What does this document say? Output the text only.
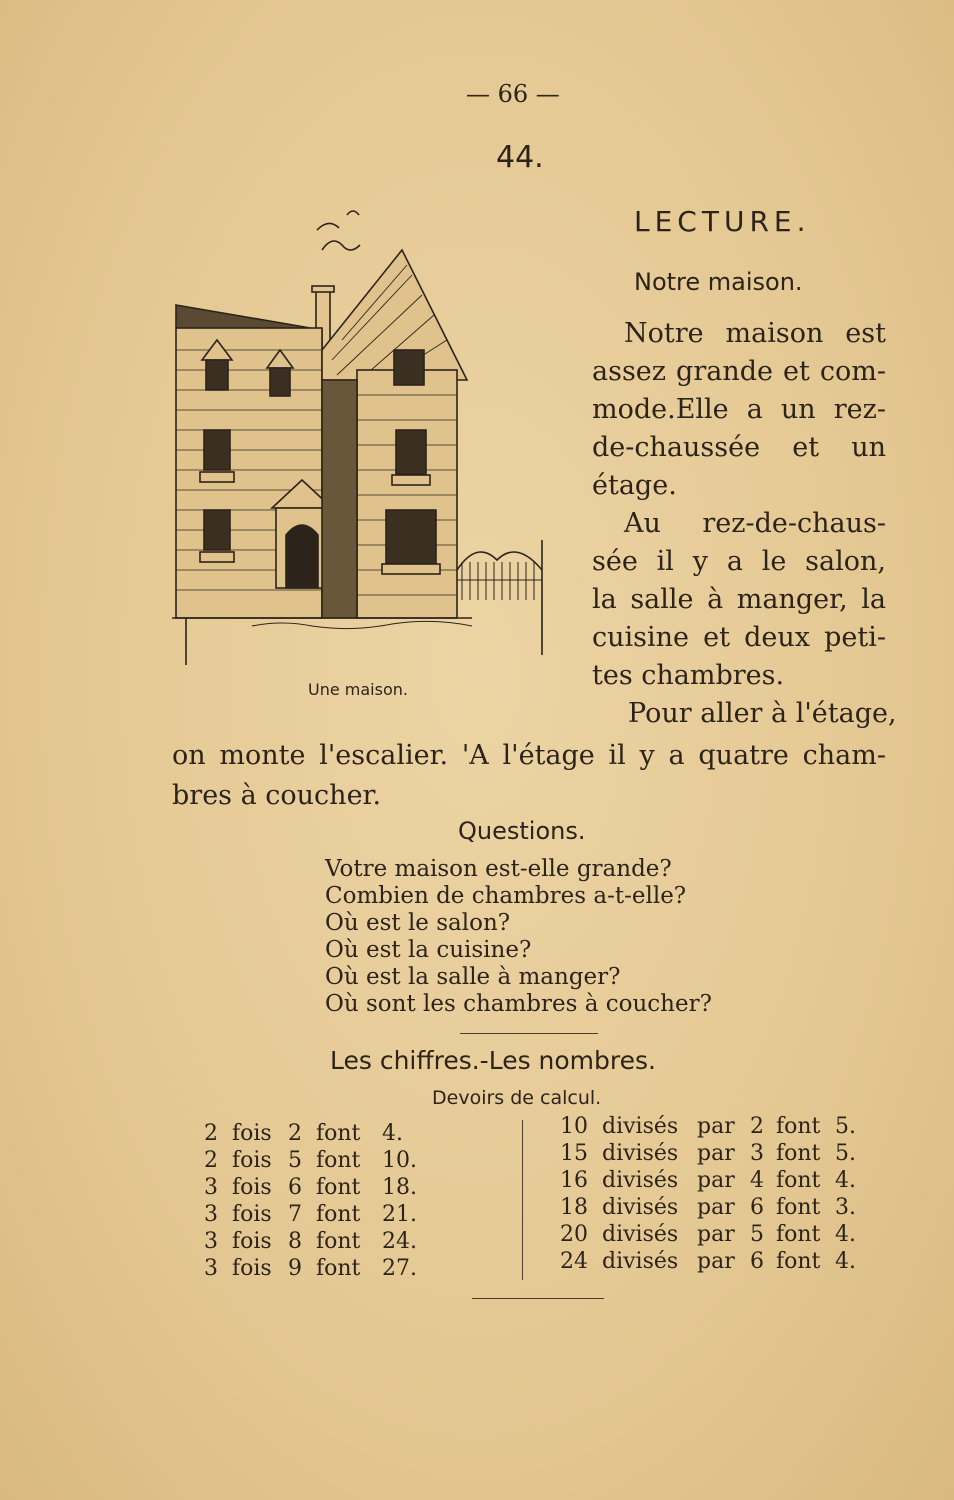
— 66 —
44.
LECTURE.
Notre maison.
Une maison.
Notre maison est
assez grande et com-
mode.Elle a un rez-
de-chaussée et un
étage.
Au rez-de-chaus-
sée il y a le salon,
la salle à manger, la
cuisine et deux peti-
tes chambres.
Pour aller à l'étage,
on monte l'escalier. 'A l'étage il y a quatre cham-
bres à coucher.
Questions.
Votre maison est-elle grande?
Combien de chambres a-t-elle?
Où est le salon?
Où est la cuisine?
Où est la salle à manger?
Où sont les chambres à coucher?
Les chiffres.-Les nombres.
Devoirs de calcul.
2 fois 2 font 4.
2 fois 5 font 10.
3 fois 6 font 18.
3 fois 7 font 21.
3 fois 8 font 24.
3 fois 9 font 27.
10 divisés par 2 font 5.
15 divisés par 3 font 5.
16 divisés par 4 font 4.
18 divisés par 6 font 3.
20 divisés par 5 font 4.
24 divisés par 6 font 4.
